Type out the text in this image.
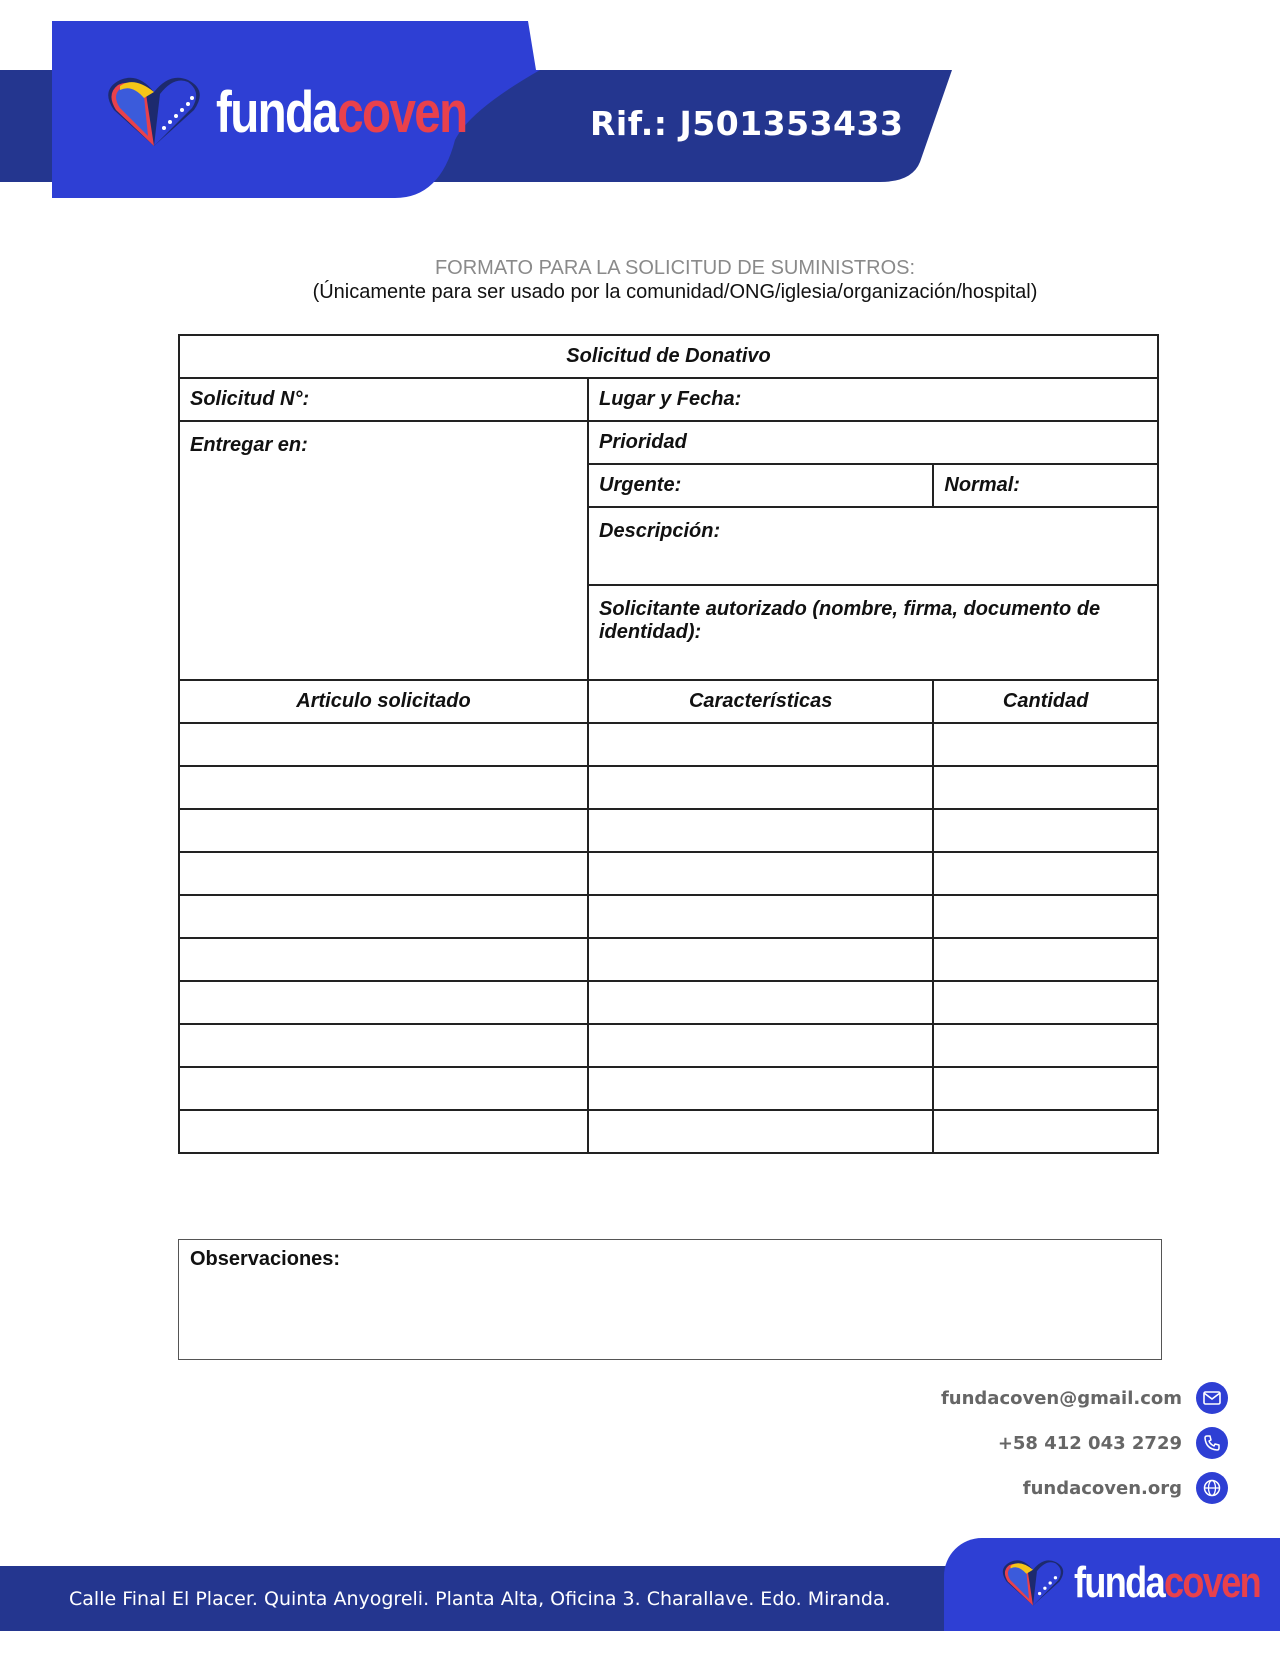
fundacoven	Rif.: J501353433
FORMATO PARA LA SOLICITUD DE SUMINISTROS:
(Únicamente para ser usado por la comunidad/ONG/iglesia/organización/hospital)
Solicitud de Donativo		
Solicitud N°:	Lugar y Fecha:	
Entregar en:	Prioridad	
	Urgente:	Normal:
	Descripción:	
	Solicitante autorizado (nombre, firma, documento de identidad):	
Articulo solicitado	Características	Cantidad

Observaciones:
fundacoven@gmail.com
+58 412 043 2729
fundacoven.org
Calle Final El Placer. Quinta Anyogreli. Planta Alta, Oficina 3. Charallave. Edo. Miranda.	fundacoven
